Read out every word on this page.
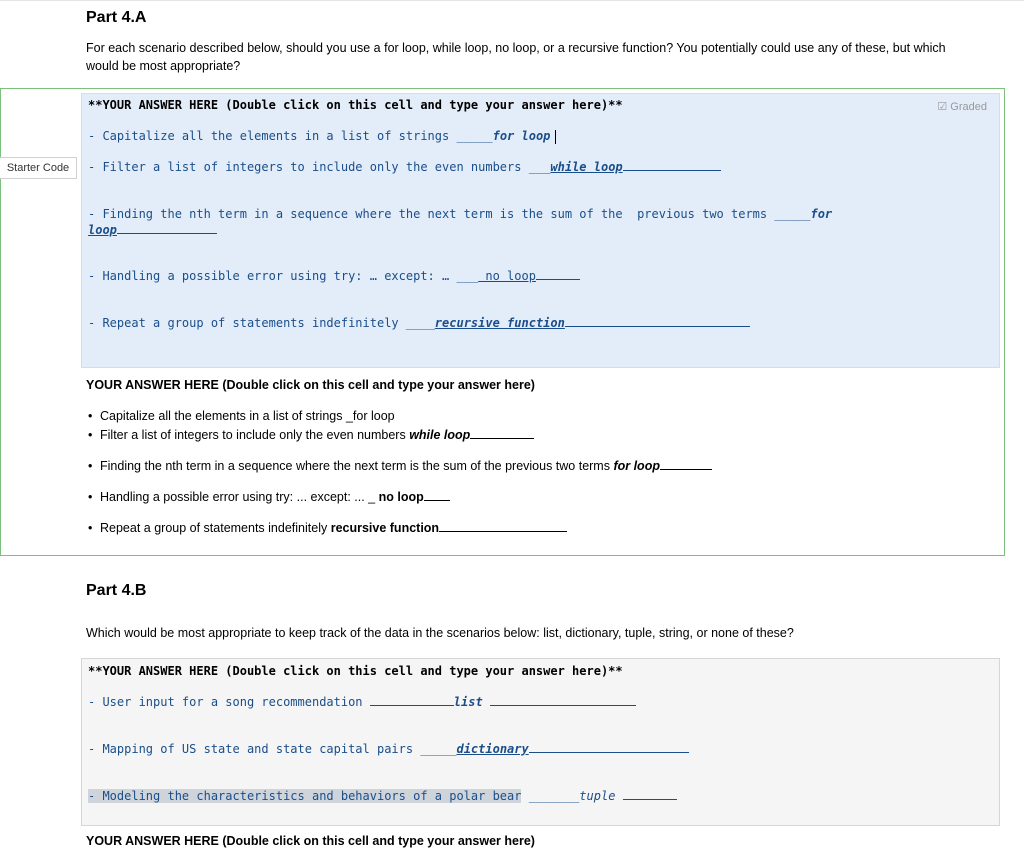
Part 4.A
For each scenario described below, should you use a for loop, while loop, no loop, or a recursive function? You potentially could use any of these, but which
would be most appropriate?
Starter Code
☑ Graded
**YOUR ANSWER HERE (Double click on this cell and type your answer here)**
- Capitalize all the elements in a list of strings _____for loop
- Filter a list of integers to include only the even numbers ___while loop
- Finding the nth term in a sequence where the next term is the sum of the  previous two terms _____for
loop
- Handling a possible error using try: … except: … ___ no loop
- Repeat a group of statements indefinitely ____recursive function
YOUR ANSWER HERE (Double click on this cell and type your answer here)
• Capitalize all the elements in a list of strings _for loop
• Filter a list of integers to include only the even numbers while loop
• Finding the nth term in a sequence where the next term is the sum of the previous two terms for loop
• Handling a possible error using try: ... except: ... _ no loop
• Repeat a group of statements indefinitely recursive function
Part 4.B
Which would be most appropriate to keep track of the data in the scenarios below: list, dictionary, tuple, string, or none of these?
**YOUR ANSWER HERE (Double click on this cell and type your answer here)**
- User input for a song recommendation	list
- Mapping of US state and state capital pairs _____dictionary
- Modeling the characteristics and behaviors of a polar bear _______tuple
YOUR ANSWER HERE (Double click on this cell and type your answer here)
